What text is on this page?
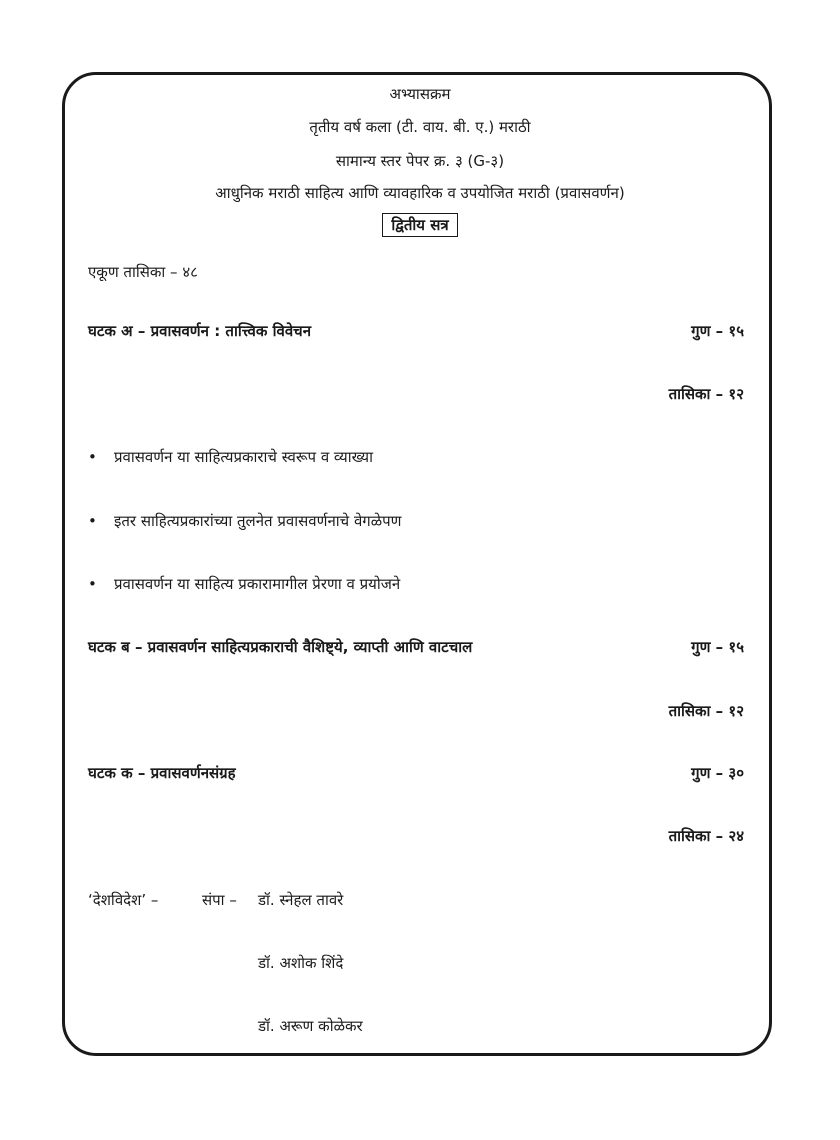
अभ्यासक्रम
तृतीय वर्ष कला (टी. वाय. बी. ए.) मराठी
सामान्य स्तर पेपर क्र. ३ (G-३)
आधुनिक मराठी साहित्य आणि व्यावहारिक व उपयोजित मराठी (प्रवासवर्णन)
द्वितीय सत्र
एकूण तासिका – ४८
घटक अ – प्रवासवर्णन : तात्त्विक विवेचन	गुण – १५
तासिका – १२
• प्रवासवर्णन या साहित्यप्रकाराचे स्वरूप व व्याख्या
• इतर साहित्यप्रकारांच्या तुलनेत प्रवासवर्णनाचे वेगळेपण
• प्रवासवर्णन या साहित्य प्रकारामागील प्रेरणा व प्रयोजने
घटक ब – प्रवासवर्णन साहित्यप्रकाराची वैशिष्ट्ये, व्याप्ती आणि वाटचाल	गुण – १५
तासिका – १२
घटक क – प्रवासवर्णनसंग्रह	गुण – ३०
तासिका – २४
‘देशविदेश’ –	संपा – डॉ. स्नेहल तावरे
डॉ. अशोक शिंदे
डॉ. अरूण कोळेकर
